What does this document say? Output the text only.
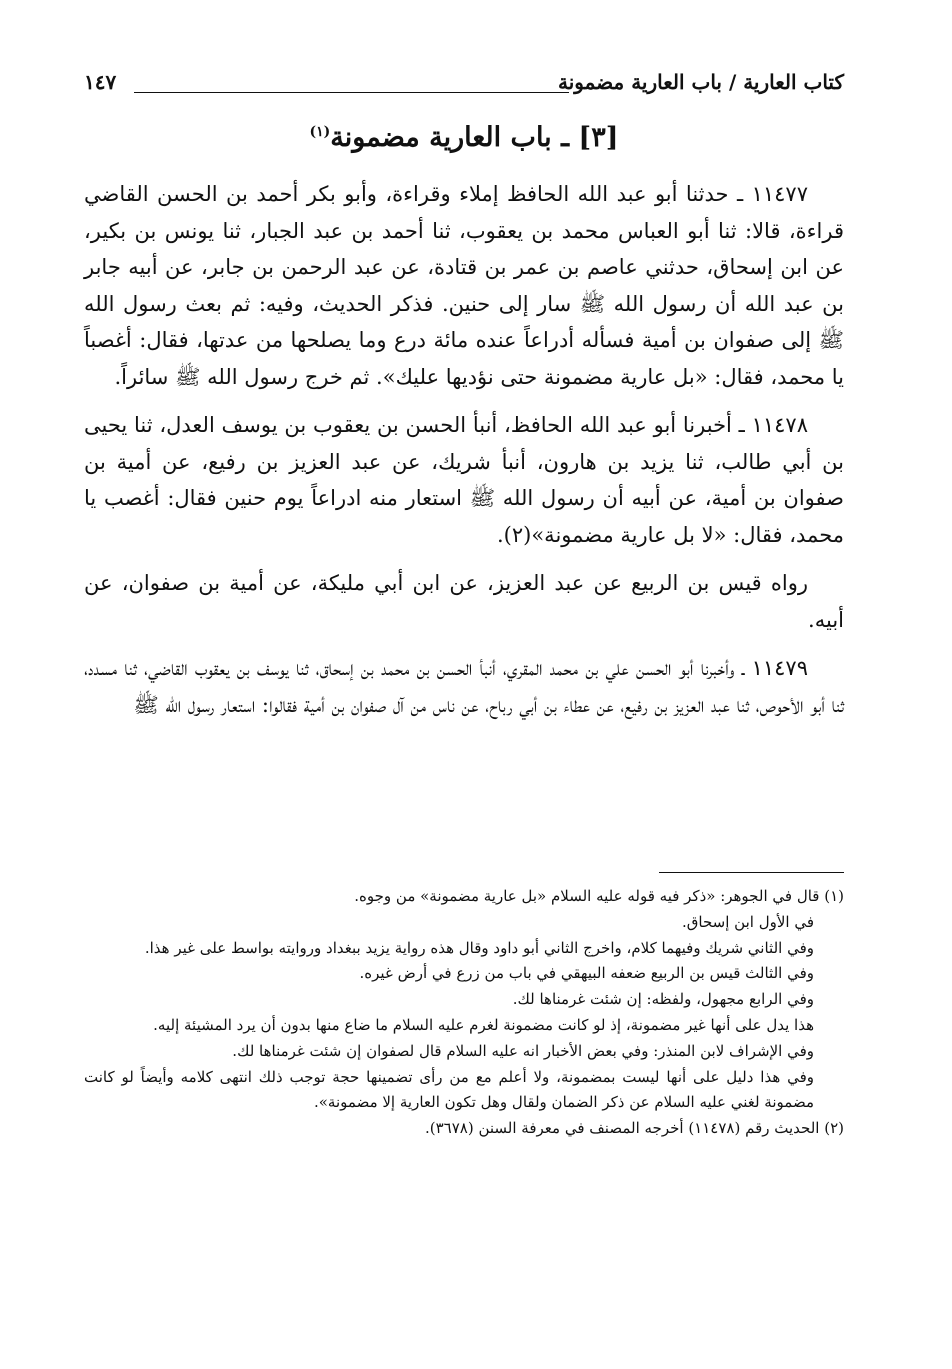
كتاب العارية / باب العارية مضمونة
١٤٧
[٣] ـ باب العارية مضمونة$^{(١)}$

١١٤٧٧ ـ حدثنا أبو عبد الله الحافظ إملاء وقراءة، وأبو بكر أحمد بن الحسن القاضي قراءة، قالا: ثنا أبو العباس محمد بن يعقوب، ثنا أحمد بن عبد الجبار، ثنا يونس بن بكير، عن ابن إسحاق، حدثني عاصم بن عمر بن قتادة، عن عبد الرحمن بن جابر، عن أبيه جابر بن عبد الله أن رسول الله ﷺ سار إلى حنين. فذكر الحديث، وفيه: ثم بعث رسول الله ﷺ إلى صفوان بن أمية فسأله أدراعاً عنده مائة درع وما يصلحها من عدتها، فقال: أغصباً يا محمد، فقال: «بل عارية مضمونة حتى نؤديها عليك». ثم خرج رسول الله ﷺ سائراً.

١١٤٧٨ ـ أخبرنا أبو عبد الله الحافظ، أنبأ الحسن بن يعقوب بن يوسف العدل، ثنا يحيى بن أبي طالب، ثنا يزيد بن هارون، أنبأ شريك، عن عبد العزيز بن رفيع، عن أمية بن صفوان بن أمية، عن أبيه أن رسول الله ﷺ استعار منه ادراعاً يوم حنين فقال: أغصب يا محمد، فقال: «لا بل عارية مضمونة»(٢).

رواه قيس بن الربيع عن عبد العزيز، عن ابن أبي مليكة، عن أمية بن صفوان، عن أبيه.

١١٤٧٩ ـ وأخبرنا أبو الحسن علي بن محمد المقري، أنبأ الحسن بن محمد بن إسحاق، ثنا يوسف بن يعقوب القاضي، ثنا مسدد، ثنا أبو الأحوص، ثنا عبد العزيز بن رفيع، عن عطاء بن أبي رباح، عن ناس من آل صفوان بن أمية فقالوا: استعار رسول الله ﷺ

(١) قال في الجوهر: «ذكر فيه قوله عليه السلام «بل عارية مضمونة» من وجوه.

في الأول ابن إسحاق.

وفي الثاني شريك وفيهما كلام، واخرج الثاني أبو داود وقال هذه رواية يزيد ببغداد وروايته بواسط على غير هذا.

وفي الثالث قيس بن الربيع ضعفه البيهقي في باب من زرع في أرض غيره.

وفي الرابع مجهول، ولفظه: إن شئت غرمناها لك.

هذا يدل على أنها غير مضمونة، إذ لو كانت مضمونة لغرم عليه السلام ما ضاع منها بدون أن يرد المشيئة إليه.

وفي الإشراف لابن المنذر: وفي بعض الأخبار انه عليه السلام قال لصفوان إن شئت غرمناها لك.

وفي هذا دليل على أنها ليست بمضمونة، ولا أعلم مع من رأى تضمينها حجة توجب ذلك انتهى كلامه وأيضاً لو كانت مضمونة لغني عليه السلام عن ذكر الضمان ولقال وهل تكون العارية إلا مضمونة».

(٢) الحديث رقم (١١٤٧٨) أخرجه المصنف في معرفة السنن (٣٦٧٨).
